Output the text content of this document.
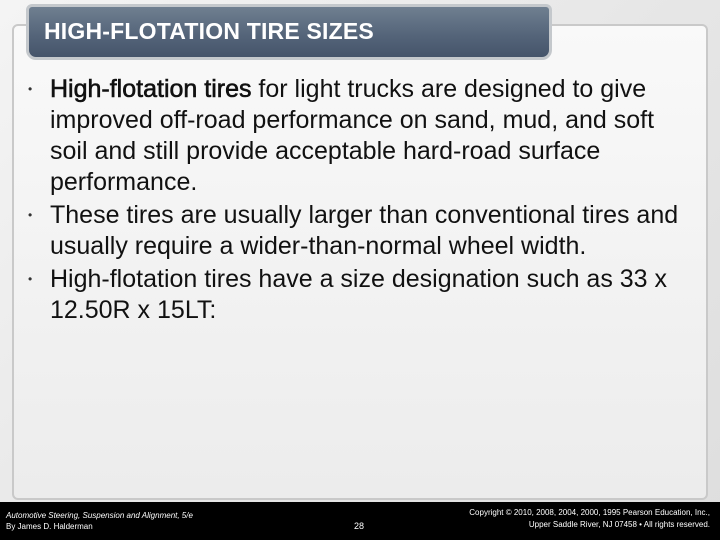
HIGH-FLOTATION TIRE SIZES
• High-flotation tires for light trucks are designed to give improved off-road performance on sand, mud, and soft soil and still provide acceptable hard-road surface performance.
• These tires are usually larger than conventional tires and usually require a wider-than-normal wheel width.
• High-flotation tires have a size designation such as 33 x 12.50R x 15LT:
Automotive Steering, Suspension and Alignment, 5/e
By James D. Halderman	28
Copyright © 2010, 2008, 2004, 2000, 1995 Pearson Education, Inc.,
Upper Saddle River, NJ 07458 • All rights reserved.
